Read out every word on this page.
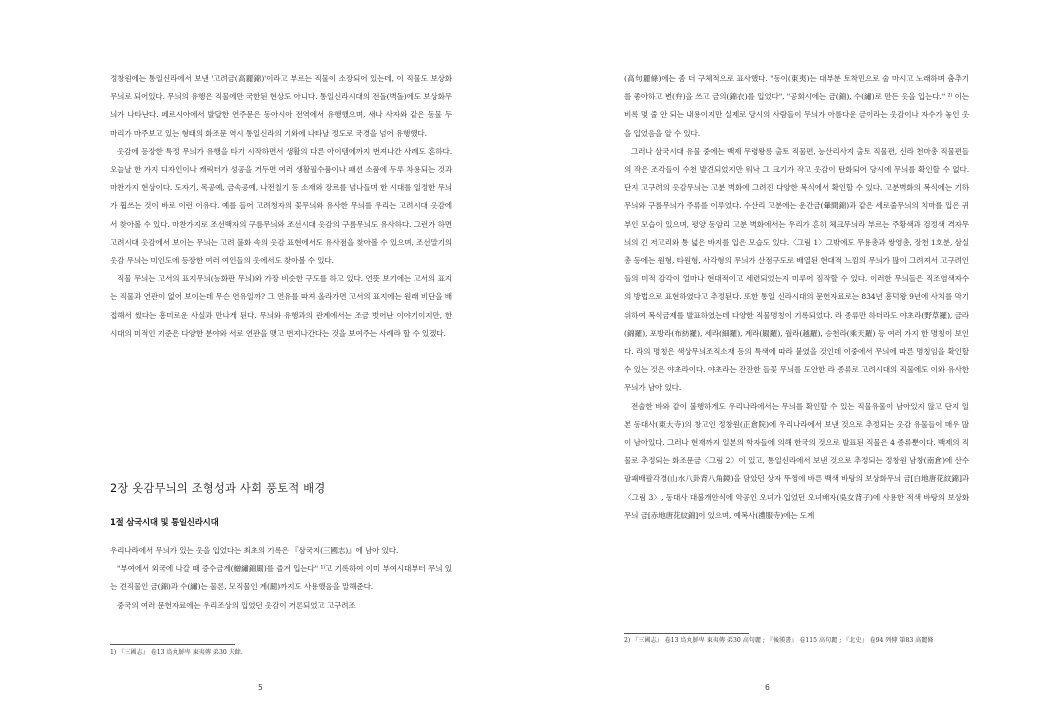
정창원에는 통일신라에서 보낸 '고려금(高麗錦)'이라고 부르는 직물이 소장되어 있는데, 이 직물도 보상화무늬로 되어있다. 무늬의 유행은 직물에만 국한된 현상도 아니다. 통일신라시대의 전돌(벽돌)에도 보상화무늬가 나타난다. 페르시아에서 발달한 연주문은 동아시아 전역에서 유행했으며, 새나 사자와 같은 동물 두 마리가 마주보고 있는 형태의 화조문 역시 통일신라의 기와에 나타날 정도로 국경을 넘어 유행했다.

옷감에 등장한 특정 무늬가 유행을 타기 시작하면서 생활의 다른 아이템에까지 번져나간 사례도 흔하다. 오늘날 한 가지 디자인이나 캐릭터가 성공을 거두면 여러 생활필수품이나 패션 소품에 두루 차용되는 것과 마찬가지 현상이다. 도자기, 목공예, 금속공예, 나전칠기 등 소재와 장르를 넘나들며 한 시대를 일정한 무늬가 휩쓰는 것이 바로 이런 이유다. 예를 들어 고려청자의 꽃무늬와 유사한 무늬를 우리는 고려시대 옷감에서 찾아볼 수 있다. 마찬가지로 조선백자의 구름무늬와 조선시대 옷감의 구름무늬도 유사하다. 그런가 하면 고려시대 옷감에서 보이는 무늬는 고려 불화 속의 옷감 표현에서도 유사점을 찾아볼 수 있으며, 조선말기의 옷감 무늬는 미인도에 등장한 여러 여인들의 옷에서도 찾아볼 수 있다.

직물 무늬는 고서의 표지무늬(능화판 무늬)와 가장 비슷한 구도를 하고 있다. 언뜻 보기에는 고서의 표지는 직물과 연관이 없어 보이는데 무슨 연유일까? 그 연유를 따져 올라가면 고서의 표지에는 원래 비단을 배접해서 썼다는 흥미로운 사실과 만나게 된다. 무늬와 유행과의 관계에서는 조금 벗어난 이야기이지만, 한 시대의 미적인 기준은 다양한 분야와 서로 연관을 맺고 번져나간다는 것을 보여주는 사례라 할 수 있겠다.

2장 옷감무늬의 조형성과 사회 풍토적 배경
1절 삼국시대 및 통일신라시대

우리나라에서 무늬가 있는 옷을 입었다는 최초의 기록은 『삼국지(三國志)』에 남아 있다.

"부여에서 외국에 나갈 때 증수금계(繒繡錦罽)를 즐겨 입는다" ¹⁾고 기록하여 이미 부여시대부터 무늬 있는 견직물인 금(錦)과 수(繡)는 물론, 모직물인 계(罽)까지도 사용했음을 말해준다.

중국의 여러 문헌자료에는 우리조상의 입었던 옷감이 거론되었고 고구려조

1) 『三國志』 卷13 烏丸鮮卑 東夷傳 弟30 夫餘.

5

(高句麗條)에는 좀 더 구체적으로 표사했다. "동이(東夷)는 대부분 토착민으로 술 마시고 노래하며 춤추기를 좋아하고 변(弁)을 쓰고 금의(錦衣)를 입었다", "공회시에는 금(錦), 수(繡)로 만든 옷을 입는다." ²⁾ 이는 비록 몇 줄 안 되는 내용이지만 실제로 당시의 사람들이 무늬가 아름다운 금이라는 옷감이나 자수가 놓인 옷을 입었음을 알 수 있다.

그러나 삼국시대 유물 중에는 백제 무령왕릉 출토 직물편, 능산리사지 출토 직물편, 신라 천마총 직물편들의 작은 조각들이 수천 발견되었지만 워낙 그 크기가 작고 옷감이 탄화되어 당시에 무늬를 확인할 수 없다. 단지 고구려의 옷감무늬는 고분 벽화에 그려진 다양한 복식에서 확인할 수 있다. 고분벽화의 복식에는 기하무늬와 구름무늬가 주류를 이루었다. 수산리 고분에는 운간금(暈間錦)과 같은 세로줄무늬의 치마를 입은 귀부인 모습이 있으며, 평양 동암리 고분 벽화에서는 우리가 흔히 체크무늬라 부르는 주황색과 검정색 격자무늬의 긴 저고리와 통 넓은 바지를 입은 모습도 있다.〈그림 1〉그밖에도 무용총과 쌍영총, 장천 1호분, 삼실총 등에는 원형, 타원형, 사각형의 무늬가 산점구도로 배열된 현대적 느낌의 무늬가 많이 그려져서 고구려인들의 미적 감각이 얼마나 현대적이고 세련되었는지 미루어 짐작할 수 있다. 이러한 무늬들은 직조염색자수의 방법으로 표현하였다고 추정된다. 또한 통일 신라시대의 문헌자료로는 834년 흥덕왕 9년에 사치를 막기 위하여 복식금제를 발표하였는데 다양한 직물명칭이 기록되었다. 라 종류만 하더라도 야초라(野草羅), 금라(錦羅), 포방라(布紡羅), 세라(細羅), 계라(罽羅), 월라(越羅), 승천라(乘天羅) 등 여러 가지 한 명칭이 보인다. 라의 명칭은 색상무늬조직소재 등의 특색에 따라 붙였을 것인데 이중에서 무늬에 따른 명칭임을 확인할 수 있는 것은 야초라이다. 야초라는 잔잔한 들꽃 무늬를 도안한 라 종류로 고려시대의 직물에도 이와 유사한 무늬가 남아 있다.

전술한 바와 같이 불행하게도 우리나라에서는 무늬를 확인할 수 있는 직물유물이 남아있지 않고 단지 일본 동대사(東大寺)의 창고인 정창원(正倉院)에 우리나라에서 보낸 것으로 추정되는 옷감 유물들이 매우 많이 남아있다. 그러나 현재까지 일본의 학자들에 의해 한국의 것으로 발표된 직물은 4 종류뿐이다. 백제의 직물로 추정되는 화조문금〈그림 2〉이 있고, 통일신라에서 보낸 것으로 추정되는 정창원 남창(南倉)에 산수팔괘배팔각경(山水八卦背八角鏡)을 담았던 상자 뚜껑에 바른 백색 바탕의 보상화무늬 금[白地唐花紋錦]과〈그림 3〉, 동대사 대불개안식에 악공인 오녀가 입었던 오녀배자(吳女背子)에 사용한 적색 바탕의 보상화무늬 금[赤地唐花紋錦]이 있으며, 예복사(禮服寺)에는 도계

2) 『三國志』 卷13 烏丸鮮卑 東夷傳 弟30 高句麗 ; 『後漢書』 卷115 高句麗 ; 『北史』 卷94 列傳 第83 高麗條

6
